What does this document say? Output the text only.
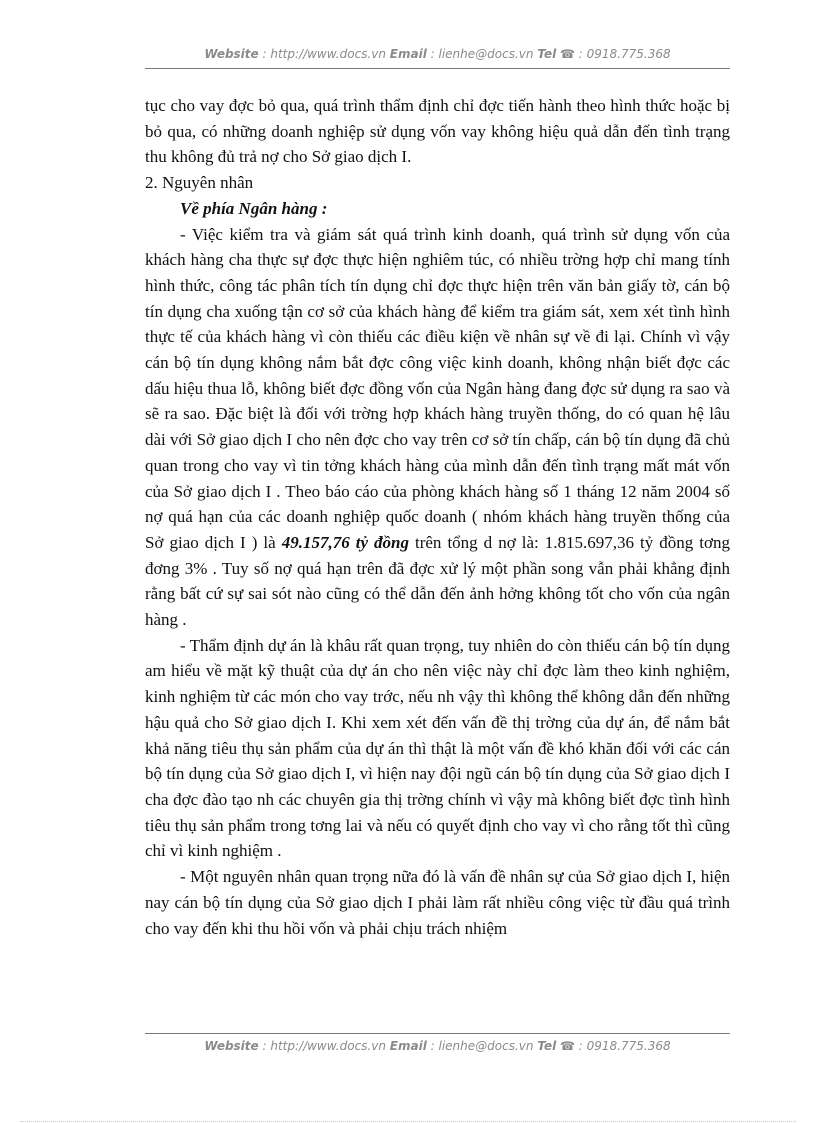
Website : http://www.docs.vn Email : lienhe@docs.vn Tel ☎ : 0918.775.368

tục cho vay đợc bỏ qua, quá trình thẩm định chỉ đợc tiến hành theo hình thức hoặc bị bỏ qua, có những doanh nghiệp sử dụng vốn vay không hiệu quả dẫn đến tình trạng thu không đủ trả nợ cho Sở giao dịch I.

2. Nguyên nhân

Về phía Ngân hàng :

- Việc kiểm tra và giám sát quá trình kinh doanh, quá trình sử dụng vốn của khách hàng cha thực sự đợc thực hiện nghiêm túc, có nhiều trờng hợp chỉ mang tính hình thức, công tác phân tích tín dụng chỉ đợc thực hiện trên văn bản giấy tờ, cán bộ tín dụng cha xuống tận cơ sở của khách hàng để kiểm tra giám sát, xem xét tình hình thực tế của khách hàng vì còn thiếu các điều kiện về nhân sự về đi lại. Chính vì vậy cán bộ tín dụng không nắm bắt đợc công việc kinh doanh, không nhận biết đợc các dấu hiệu thua lỗ, không biết đợc đồng vốn của Ngân hàng đang đợc sử dụng ra sao và sẽ ra sao. Đặc biệt là đối với trờng hợp khách hàng truyền thống, do có quan hệ lâu dài với Sở giao dịch I cho nên đợc cho vay trên cơ sở tín chấp, cán bộ tín dụng đã chủ quan trong cho vay vì tin tởng khách hàng của mình dẫn đến tình trạng mất mát vốn của Sở giao dịch I . Theo báo cáo của phòng khách hàng số 1 tháng 12 năm 2004 số nợ quá hạn của các doanh nghiệp quốc doanh ( nhóm khách hàng truyền thống của Sở giao dịch I ) là 49.157,76 tỷ đồng trên tổng d nợ là: 1.815.697,36 tỷ đồng tơng đơng 3% . Tuy số nợ quá hạn trên đã đợc xử lý một phần song vẫn phải khẳng định rằng bất cứ sự sai sót nào cũng có thể dẫn đến ảnh hởng không tốt cho vốn của ngân hàng .

- Thẩm định dự án là khâu rất quan trọng, tuy nhiên do còn thiếu cán bộ tín dụng am hiểu về mặt kỹ thuật của dự án cho nên việc này chỉ đợc làm theo kinh nghiệm, kinh nghiệm từ các món cho vay trớc, nếu nh vậy thì không thể không dẫn đến những hậu quả cho Sở giao dịch I. Khi xem xét đến vấn đề thị trờng của dự án, để nắm bắt khả năng tiêu thụ sản phẩm của dự án thì thật là một vấn đề khó khăn đối với các cán bộ tín dụng của Sở giao dịch I, vì hiện nay đội ngũ cán bộ tín dụng của Sở giao dịch I cha đợc đào tạo nh các chuyên gia thị trờng chính vì vậy mà không biết đợc tình hình tiêu thụ sản phẩm trong tơng lai và nếu có quyết định cho vay vì cho rằng tốt thì cũng chỉ vì kinh nghiệm .

- Một nguyên nhân quan trọng nữa đó là vấn đề nhân sự của Sở giao dịch I, hiện nay cán bộ tín dụng của Sở giao dịch I phải làm rất nhiều công việc từ đầu quá trình cho vay đến khi thu hồi vốn và phải chịu trách nhiệm

Website : http://www.docs.vn Email : lienhe@docs.vn Tel ☎ : 0918.775.368
